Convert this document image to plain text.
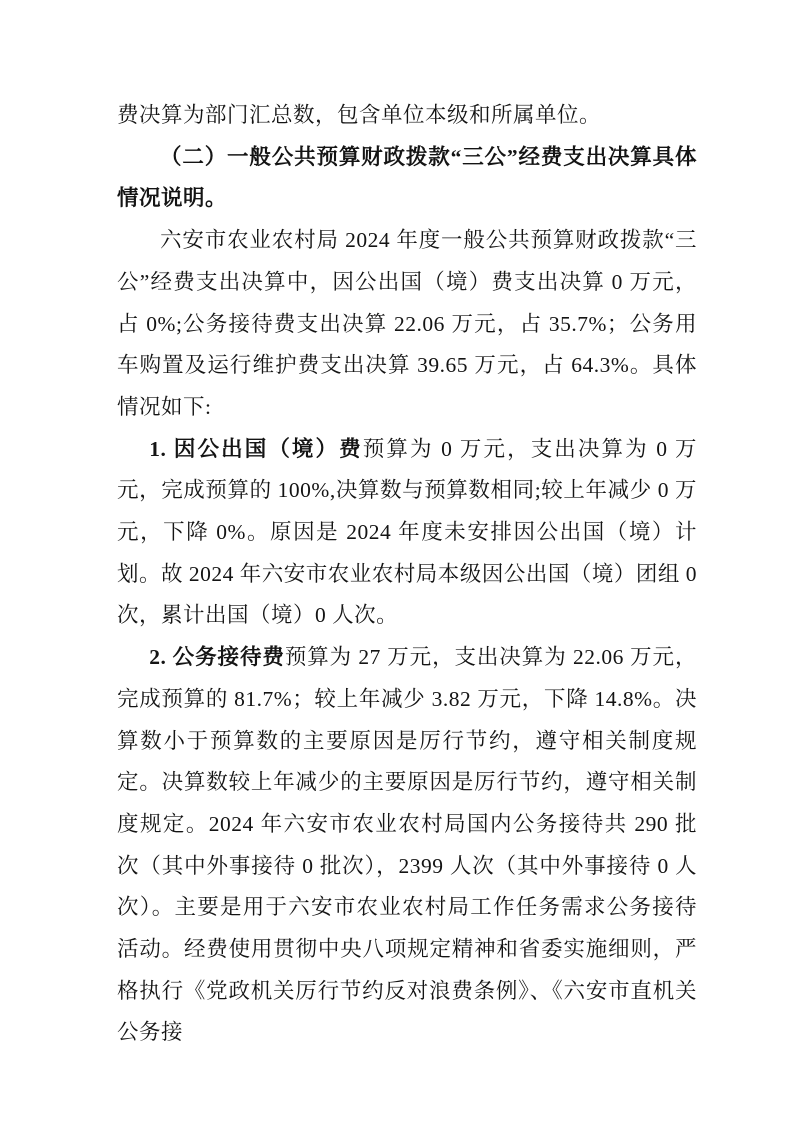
费决算为部门汇总数，包含单位本级和所属单位。

（二）一般公共预算财政拨款“三公”经费支出决算具体情况说明。

六安市农业农村局 2024 年度一般公共预算财政拨款“三公”经费支出决算中，因公出国（境）费支出决算 0 万元，占 0%;公务接待费支出决算 22.06 万元，占 35.7%；公务用车购置及运行维护费支出决算 39.65 万元，占 64.3%。具体情况如下:

1. 因公出国（境）费预算为 0 万元，支出决算为 0 万元，完成预算的 100%,决算数与预算数相同;较上年减少 0 万元，下降 0%。原因是 2024 年度未安排因公出国（境）计划。故 2024 年六安市农业农村局本级因公出国（境）团组 0 次，累计出国（境）0 人次。

2. 公务接待费预算为 27 万元，支出决算为 22.06 万元，完成预算的 81.7%；较上年减少 3.82 万元，下降 14.8%。决算数小于预算数的主要原因是厉行节约，遵守相关制度规定。决算数较上年减少的主要原因是厉行节约，遵守相关制度规定。2024 年六安市农业农村局国内公务接待共 290 批次（其中外事接待 0 批次），2399 人次（其中外事接待 0 人次）。主要是用于六安市农业农村局工作任务需求公务接待活动。经费使用贯彻中央八项规定精神和省委实施细则，严格执行《党政机关厉行节约反对浪费条例》、《六安市直机关公务接
